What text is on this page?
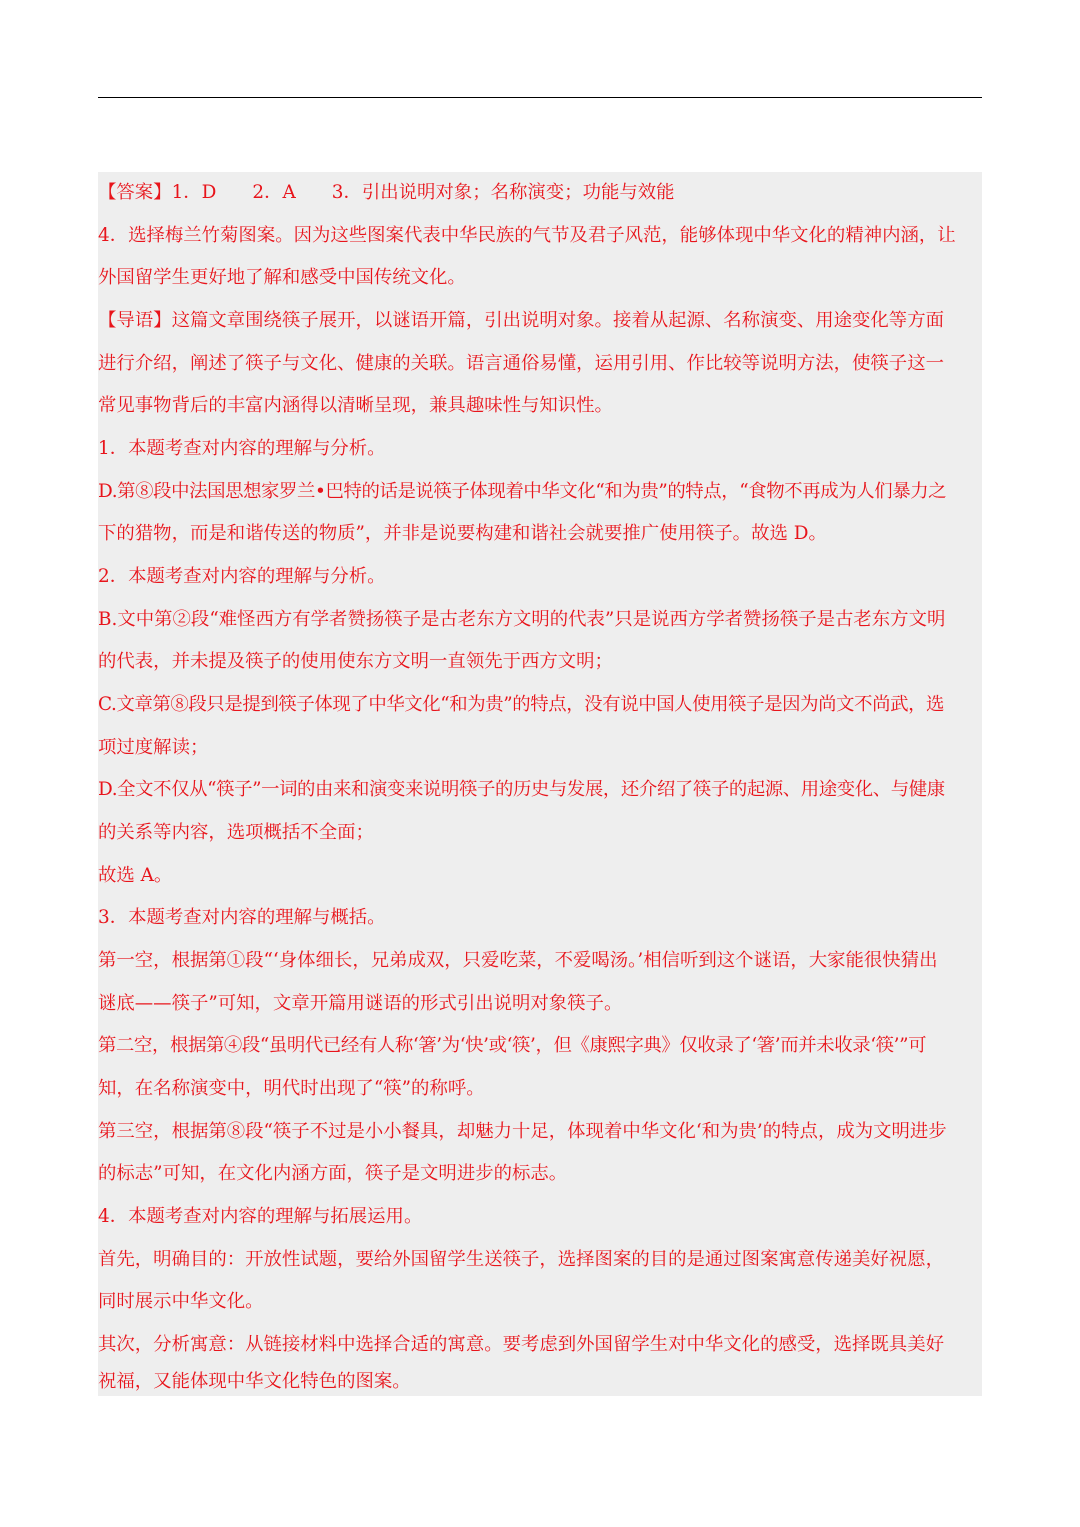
【答案】1．D 2．A 3．引出说明对象；名称演变；功能与效能
4．选择梅兰竹菊图案。因为这些图案代表中华民族的气节及君子风范，能够体现中华文化的精神内涵，让
外国留学生更好地了解和感受中国传统文化。
【导语】这篇文章围绕筷子展开，以谜语开篇，引出说明对象。接着从起源、名称演变、用途变化等方面
进行介绍，阐述了筷子与文化、健康的关联。语言通俗易懂，运用引用、作比较等说明方法，使筷子这一
常见事物背后的丰富内涵得以清晰呈现，兼具趣味性与知识性。
1．本题考查对内容的理解与分析。
D.第⑧段中法国思想家罗兰•巴特的话是说筷子体现着中华文化“和为贵”的特点，“食物不再成为人们暴力之
下的猎物，而是和谐传送的物质”，并非是说要构建和谐社会就要推广使用筷子。故选 D。
2．本题考查对内容的理解与分析。
B.文中第②段“难怪西方有学者赞扬筷子是古老东方文明的代表”只是说西方学者赞扬筷子是古老东方文明
的代表，并未提及筷子的使用使东方文明一直领先于西方文明；
C.文章第⑧段只是提到筷子体现了中华文化“和为贵”的特点，没有说中国人使用筷子是因为尚文不尚武，选
项过度解读；
D.全文不仅从“筷子”一词的由来和演变来说明筷子的历史与发展，还介绍了筷子的起源、用途变化、与健康
的关系等内容，选项概括不全面；
故选 A。
3．本题考查对内容的理解与概括。
第一空，根据第①段“‘身体细长，兄弟成双，只爱吃菜，不爱喝汤。’相信听到这个谜语，大家能很快猜出
谜底——筷子”可知，文章开篇用谜语的形式引出说明对象筷子。
第二空，根据第④段“虽明代已经有人称‘箸’为‘快’或‘筷’，但《康熙字典》仅收录了‘箸’而并未收录‘筷’”可
知，在名称演变中，明代时出现了“筷”的称呼。
第三空，根据第⑧段“筷子不过是小小餐具，却魅力十足，体现着中华文化‘和为贵’的特点，成为文明进步
的标志”可知，在文化内涵方面，筷子是文明进步的标志。
4．本题考查对内容的理解与拓展运用。
首先，明确目的：开放性试题，要给外国留学生送筷子，选择图案的目的是通过图案寓意传递美好祝愿，
同时展示中华文化。
其次，分析寓意：从链接材料中选择合适的寓意。要考虑到外国留学生对中华文化的感受，选择既具美好
祝福，又能体现中华文化特色的图案。
